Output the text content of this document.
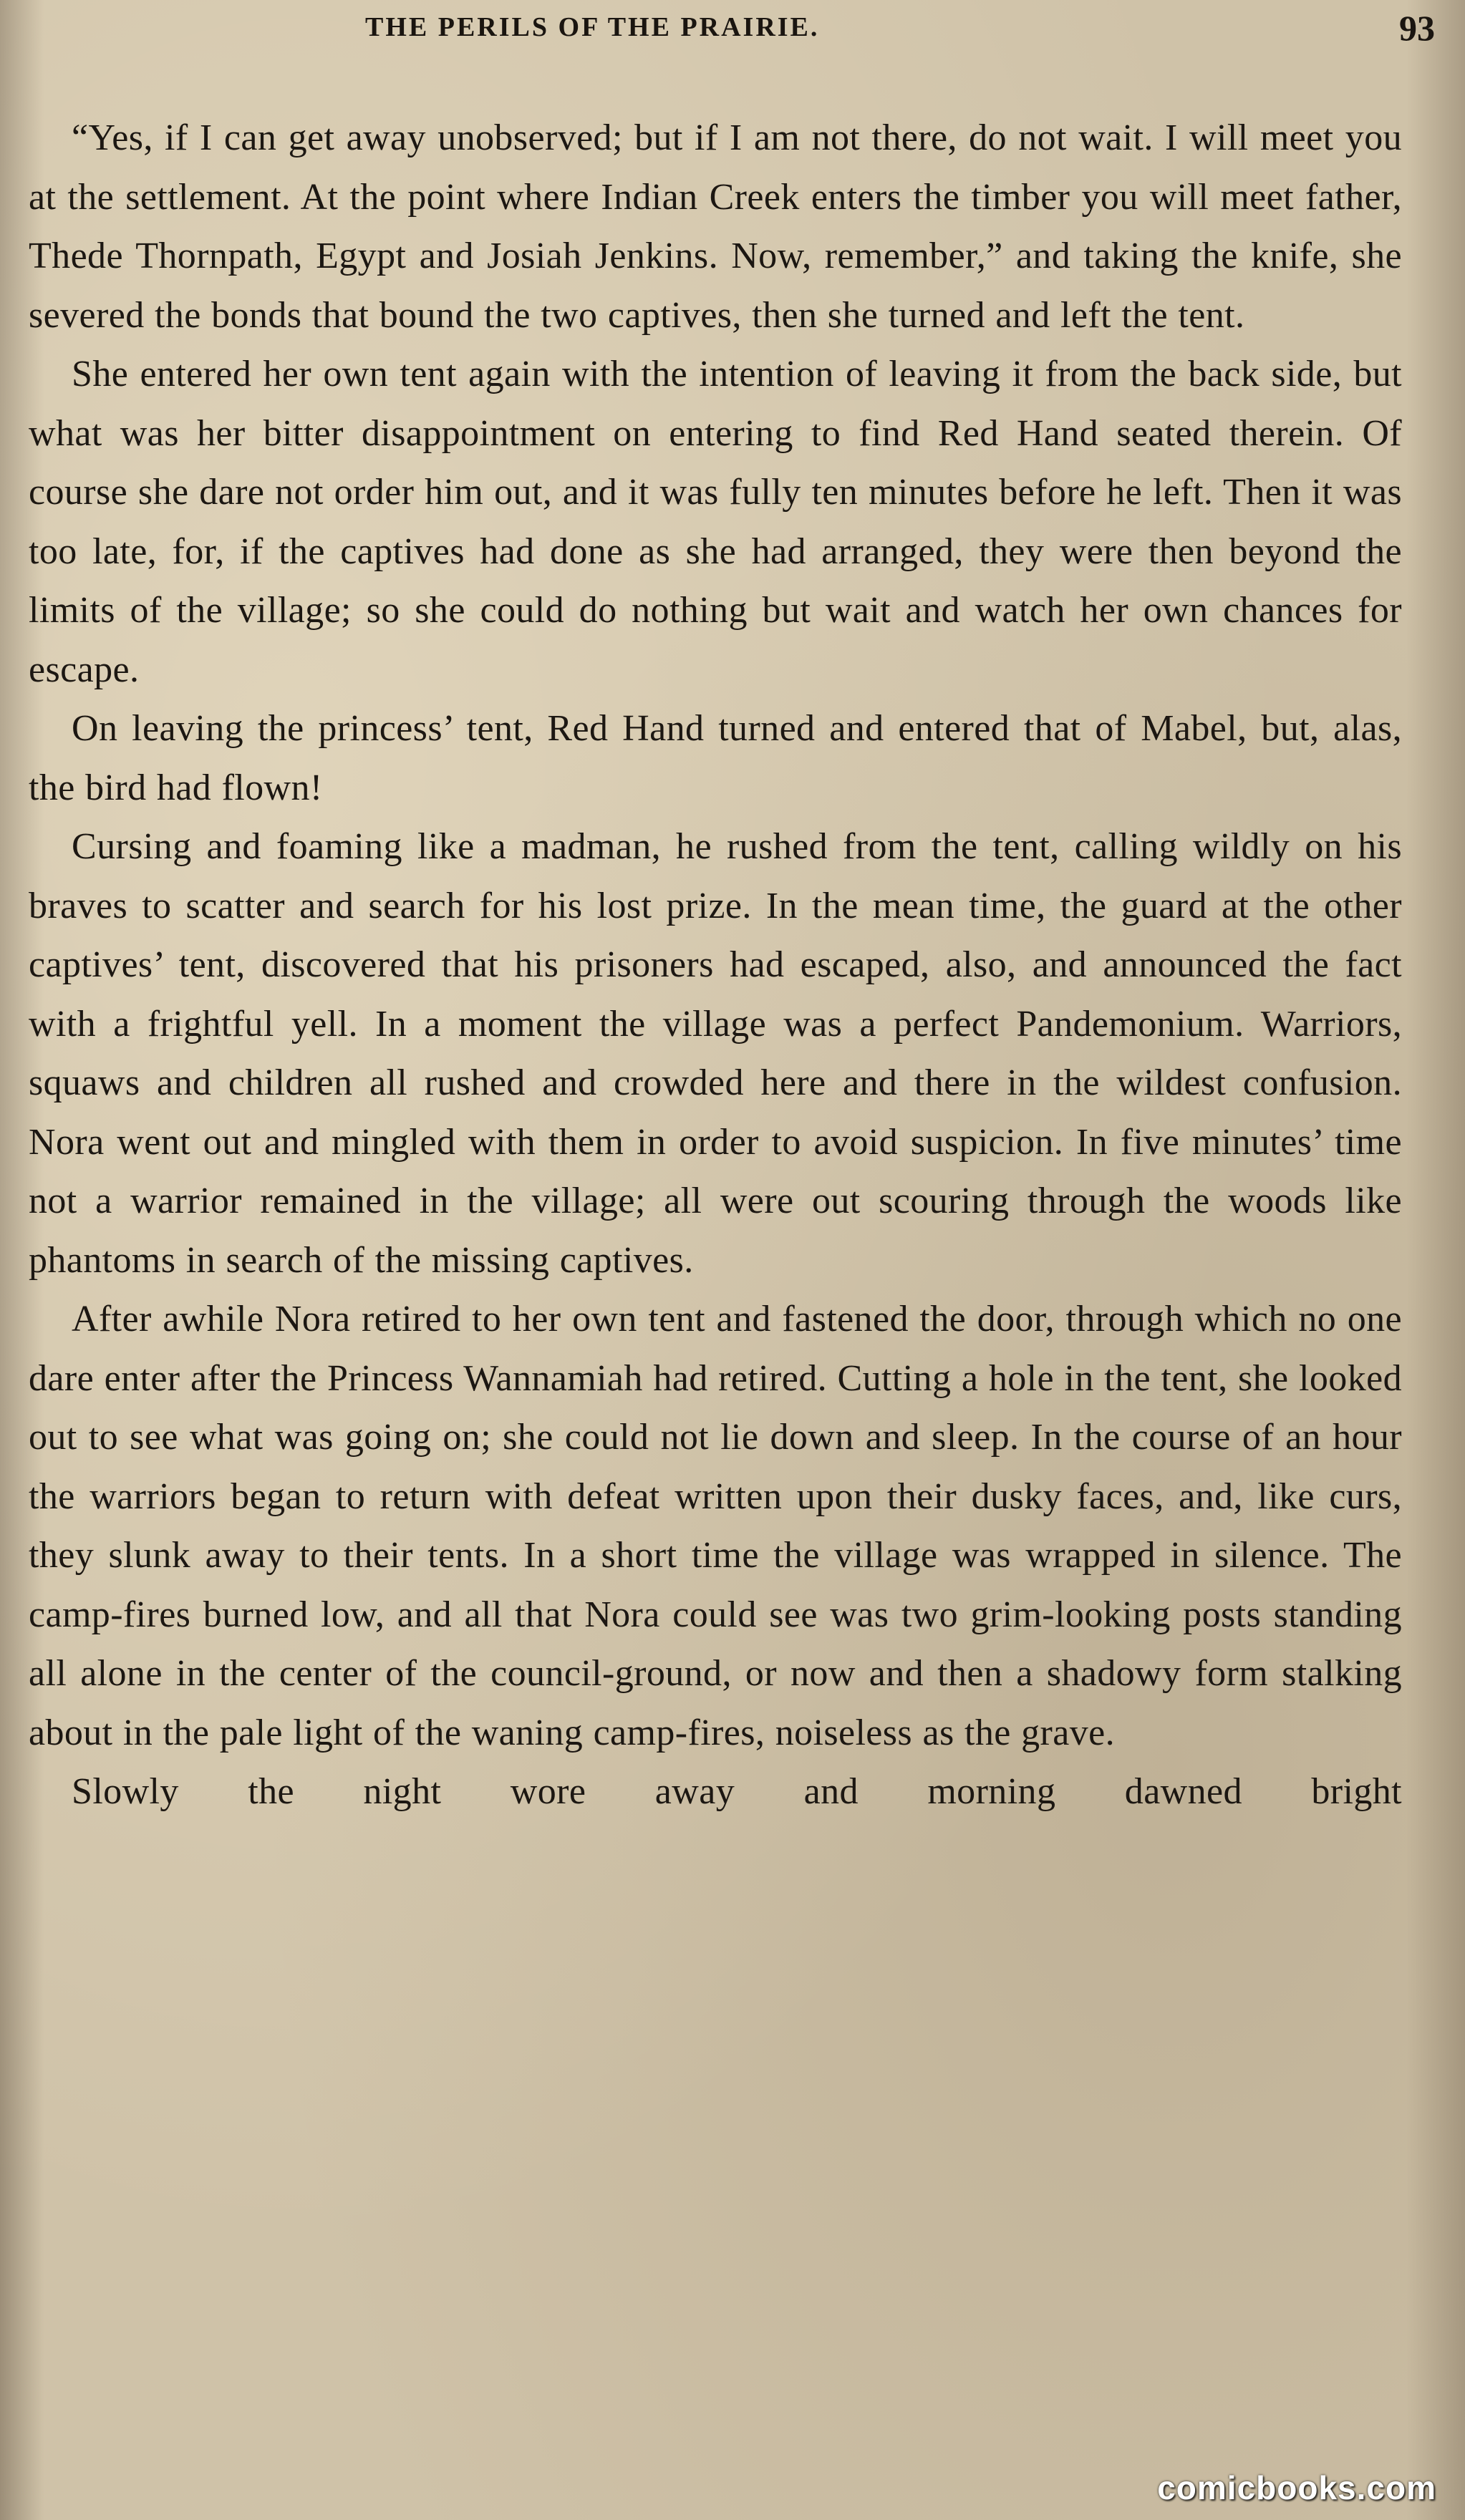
THE PERILS OF THE PRAIRIE.	93

“Yes, if I can get away unobserved; but if I am not there, do not wait. I will meet you at the settlement. At the point where Indian Creek enters the timber you will meet father, Thede Thornpath, Egypt and Josiah Jenkins. Now, remember,” and taking the knife, she severed the bonds that bound the two captives, then she turned and left the tent.

She entered her own tent again with the intention of leaving it from the back side, but what was her bitter disappointment on entering to find Red Hand seated therein. Of course she dare not order him out, and it was fully ten minutes before he left. Then it was too late, for, if the captives had done as she had arranged, they were then beyond the limits of the village; so she could do nothing but wait and watch her own chances for escape.

On leaving the princess’ tent, Red Hand turned and entered that of Mabel, but, alas, the bird had flown!

Cursing and foaming like a madman, he rushed from the tent, calling wildly on his braves to scatter and search for his lost prize. In the mean time, the guard at the other captives’ tent, discovered that his prisoners had escaped, also, and announced the fact with a frightful yell. In a moment the village was a perfect Pandemonium. Warriors, squaws and children all rushed and crowded here and there in the wildest confusion. Nora went out and mingled with them in order to avoid suspicion. In five minutes’ time not a warrior remained in the village; all were out scouring through the woods like phantoms in search of the missing captives.

After awhile Nora retired to her own tent and fastened the door, through which no one dare enter after the Princess Wannamiah had retired. Cutting a hole in the tent, she looked out to see what was going on; she could not lie down and sleep. In the course of an hour the warriors began to return with defeat written upon their dusky faces, and, like curs, they slunk away to their tents. In a short time the village was wrapped in silence. The camp-fires burned low, and all that Nora could see was two grim-looking posts standing all alone in the center of the council-ground, or now and then a shadowy form stalking about in the pale light of the waning camp-fires, noiseless as the grave.

Slowly the night wore away and morning dawned bright

comicbooks.com
